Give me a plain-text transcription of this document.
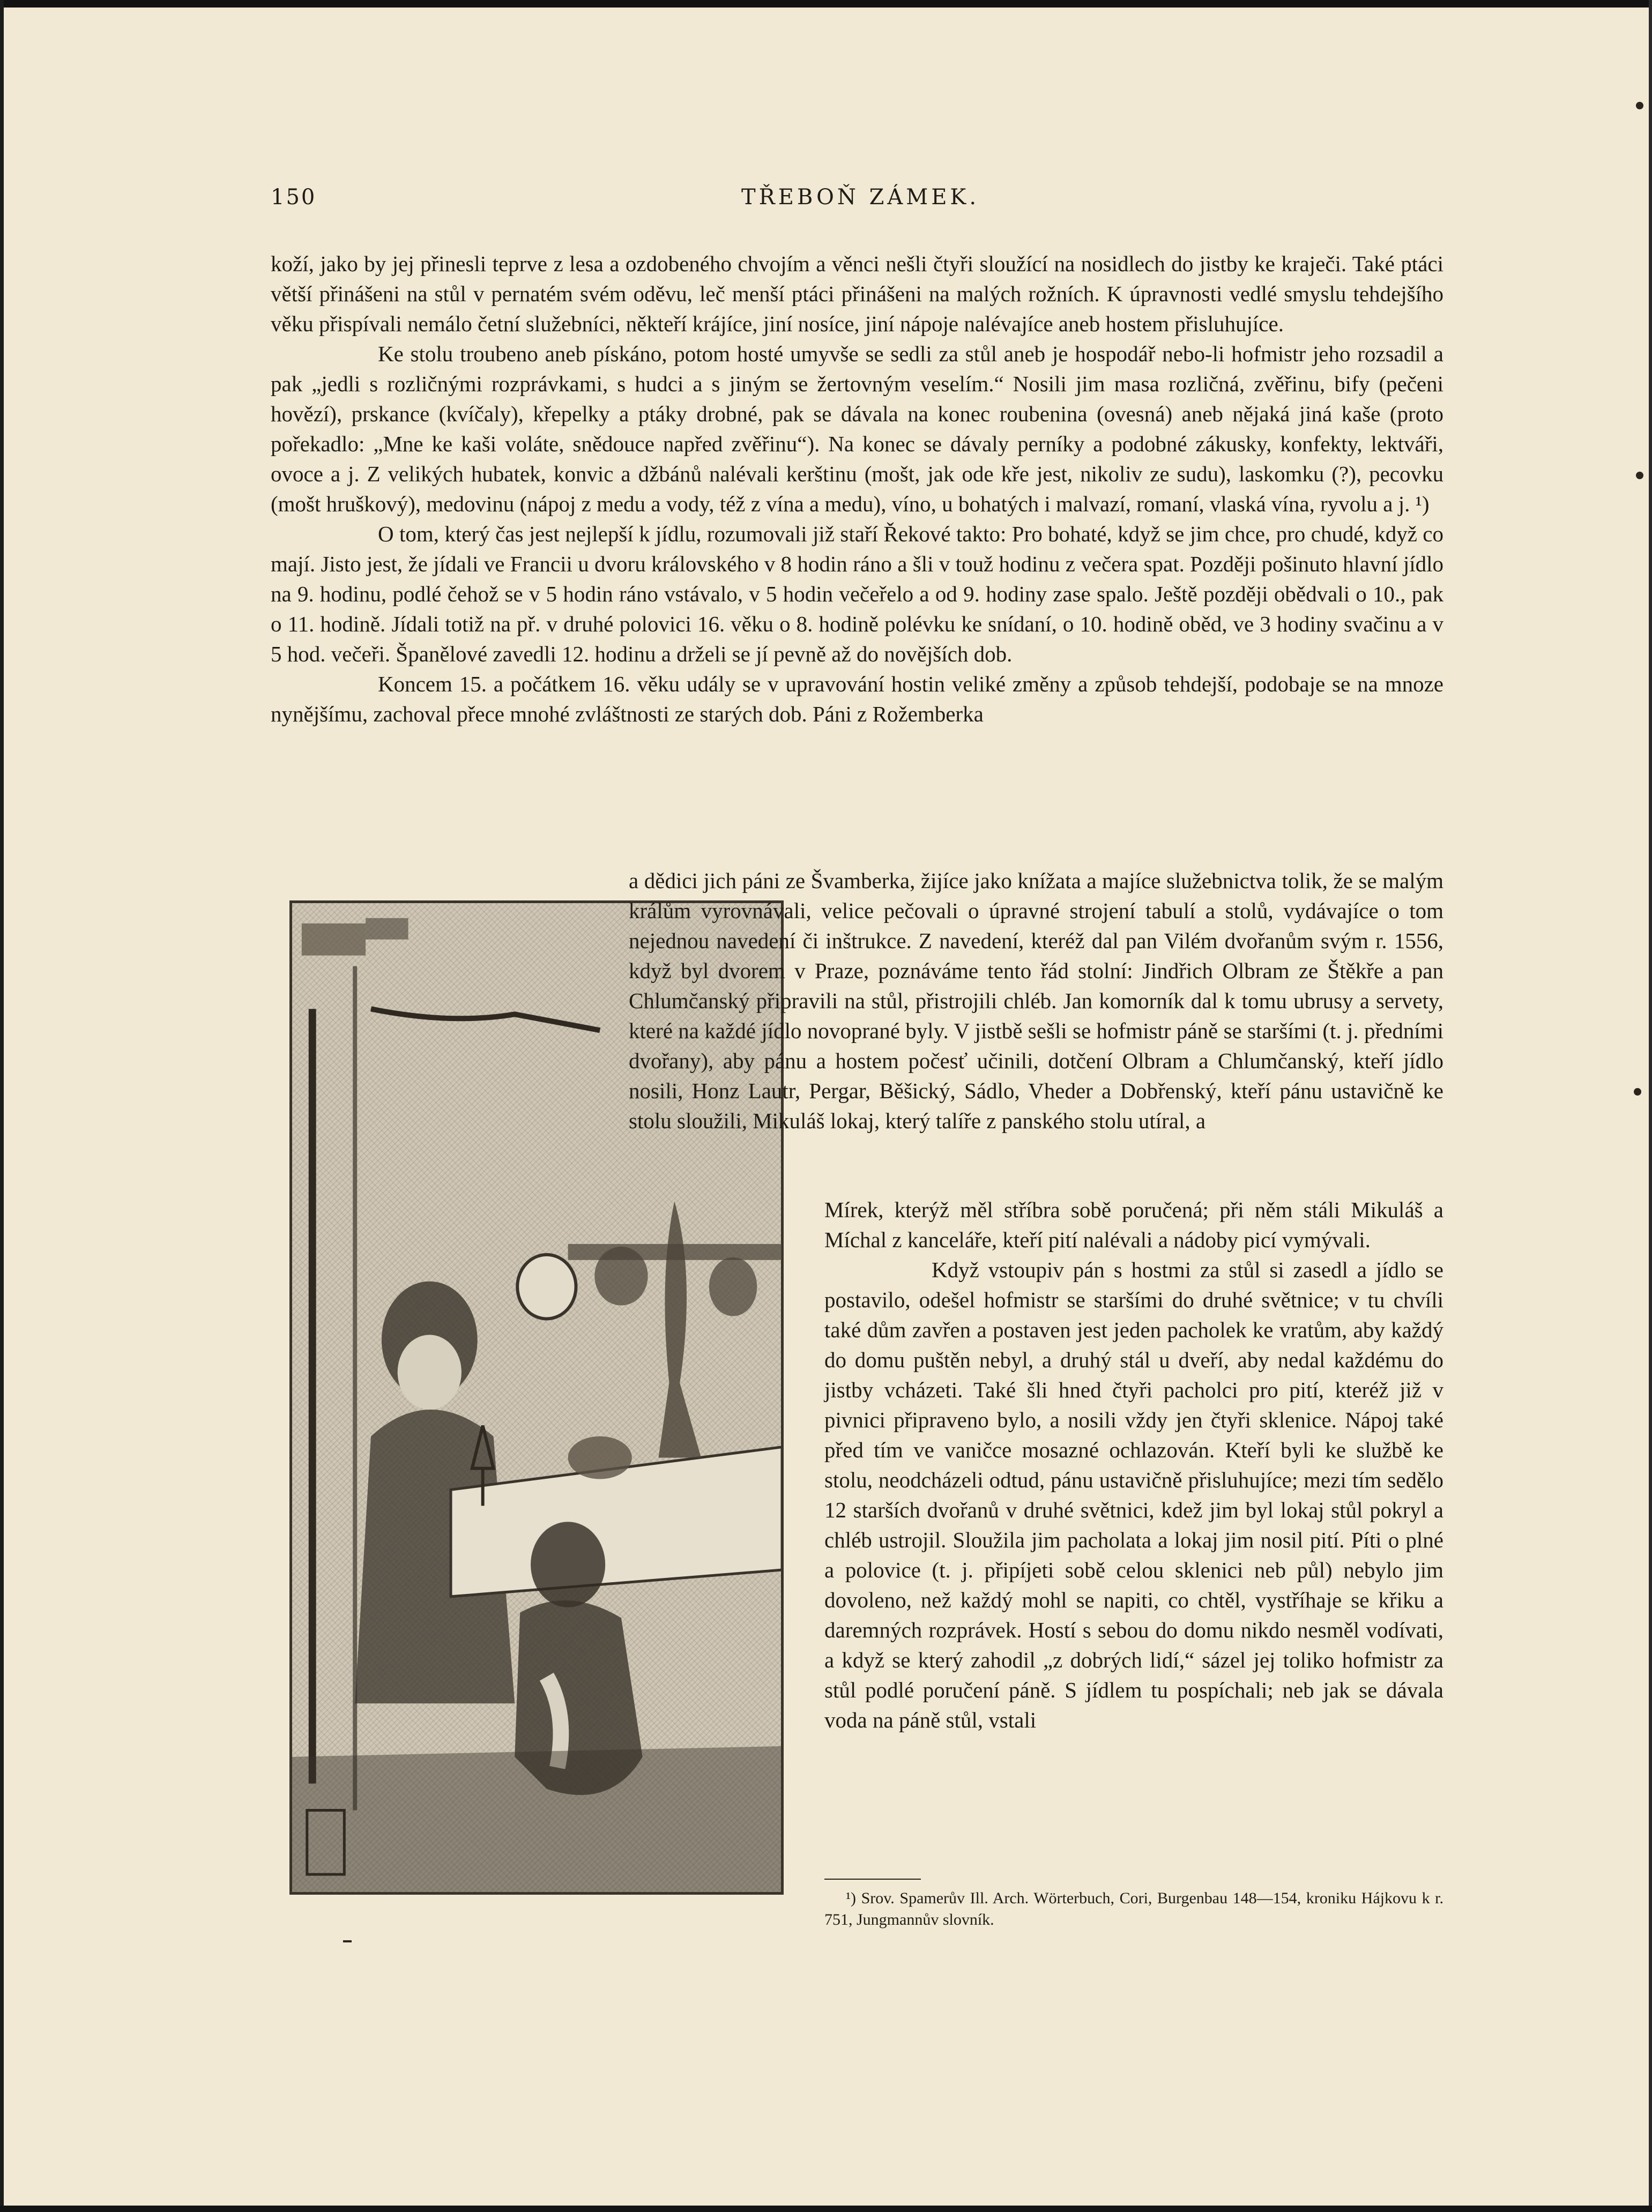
150	TŘEBOŇ ZÁMEK.

koží, jako by jej přinesli teprve z lesa a ozdobeného chvojím a věnci nešli čtyři sloužící na nosidlech do jistby ke kraječi. Také ptáci větší přinášeni na stůl v pernatém svém oděvu, leč menší ptáci přinášeni na malých rožních. K úpravnosti vedlé smyslu tehdejšího věku přispívali nemálo četní služebníci, někteří krájíce, jiní nosíce, jiní nápoje nalévajíce aneb hostem přisluhujíce.

Ke stolu troubeno aneb pískáno, potom hosté umyvše se sedli za stůl aneb je hospodář nebo-li hofmistr jeho rozsadil a pak „jedli s rozličnými rozprávkami, s hudci a s jiným se žertovným veselím.“ Nosili jim masa rozličná, zvěřinu, bify (pečeni hovězí), prskance (kvíčaly), křepelky a ptáky drobné, pak se dávala na konec roubenina (ovesná) aneb nějaká jiná kaše (proto pořekadlo: „Mne ke kaši voláte, snědouce napřed zvěřinu“). Na konec se dávaly perníky a podobné zákusky, konfekty, lektváři, ovoce a j. Z velikých hubatek, konvic a džbánů nalévali kerštinu (mošt, jak ode kře jest, nikoliv ze sudu), laskomku (?), pecovku (mošt hruškový), medovinu (nápoj z medu a vody, též z vína a medu), víno, u bohatých i malvazí, romaní, vlaská vína, ryvolu a j. ¹)

O tom, který čas jest nejlepší k jídlu, rozumovali již staří Řekové takto: Pro bohaté, když se jim chce, pro chudé, když co mají. Jisto jest, že jídali ve Francii u dvoru královského v 8 hodin ráno a šli v touž hodinu z večera spat. Později pošinuto hlavní jídlo na 9. hodinu, podlé čehož se v 5 hodin ráno vstávalo, v 5 hodin večeřelo a od 9. hodiny zase spalo. Ještě později obědvali o 10., pak o 11. hodině. Jídali totiž na př. v druhé polovici 16. věku o 8. hodině polévku ke snídaní, o 10. hodině oběd, ve 3 hodiny svačinu a v 5 hod. večeři. Španělové zavedli 12. hodinu a drželi se jí pevně až do novějších dob.

Koncem 15. a počátkem 16. věku udály se v upravování hostin veliké změny a způsob tehdejší, podobaje se na mnoze nynějšímu, zachoval přece mnohé zvláštnosti ze starých dob. Páni z Rožemberka

a dědici jich páni ze Švamberka, žijíce jako knížata a majíce služebnictva tolik, že se malým králům vyrovnávali, velice pečovali o úpravné strojení tabulí a stolů, vydávajíce o tom nejednou navedení či inštrukce. Z navedení, kteréž dal pan Vilém dvořanům svým r. 1556, když byl dvorem v Praze, poznáváme tento řád stolní: Jindřich Olbram ze Štěkře a pan Chlumčanský připravili na stůl, přistrojili chléb. Jan komorník dal k tomu ubrusy a servety, které na každé jídlo novoprané byly. V jistbě sešli se hofmistr páně se staršími (t. j. předními dvořany), aby pánu a hostem počesť učinili, dotčení Olbram a Chlumčanský, kteří jídlo nosili, Honz Lautr, Pergar, Běšický, Sádlo, Vheder a Dobřenský, kteří pánu ustavičně ke stolu sloužili, Mikuláš lokaj, který talíře z panského stolu utíral, a

Mírek, kterýž měl stříbra sobě poručená; při něm stáli Mikuláš a Míchal z kanceláře, kteří pití nalévali a nádoby picí vymývali.

Když vstoupiv pán s hostmi za stůl si zasedl a jídlo se postavilo, odešel hofmistr se staršími do druhé světnice; v tu chvíli také dům zavřen a postaven jest jeden pacholek ke vratům, aby každý do domu puštěn nebyl, a druhý stál u dveří, aby nedal každému do jistby vcházeti. Také šli hned čtyři pacholci pro pití, kteréž již v pivnici připraveno bylo, a nosili vždy jen čtyři sklenice. Nápoj také před tím ve vaničce mosazné ochlazován. Kteří byli ke službě ke stolu, neodcházeli odtud, pánu ustavičně přisluhujíce; mezi tím sedělo 12 starších dvořanů v druhé světnici, kdež jim byl lokaj stůl pokryl a chléb ustrojil. Sloužila jim pacholata a lokaj jim nosil pití. Píti o plné a polovice (t. j. připíjeti sobě celou sklenici neb půl) nebylo jim dovoleno, než každý mohl se napiti, co chtěl, vystříhaje se křiku a daremných rozprávek. Hostí s sebou do domu nikdo nesměl vodívati, a když se který zahodil „z dobrých lidí,“ sázel jej toliko hofmistr za stůl podlé poručení páně. S jídlem tu pospíchali; neb jak se dávala voda na páně stůl, vstali

¹) Srov. Spamerův Ill. Arch. Wörterbuch, Cori, Burgenbau 148—154, kroniku Hájkovu k r. 751, Jungmannův slovník.
